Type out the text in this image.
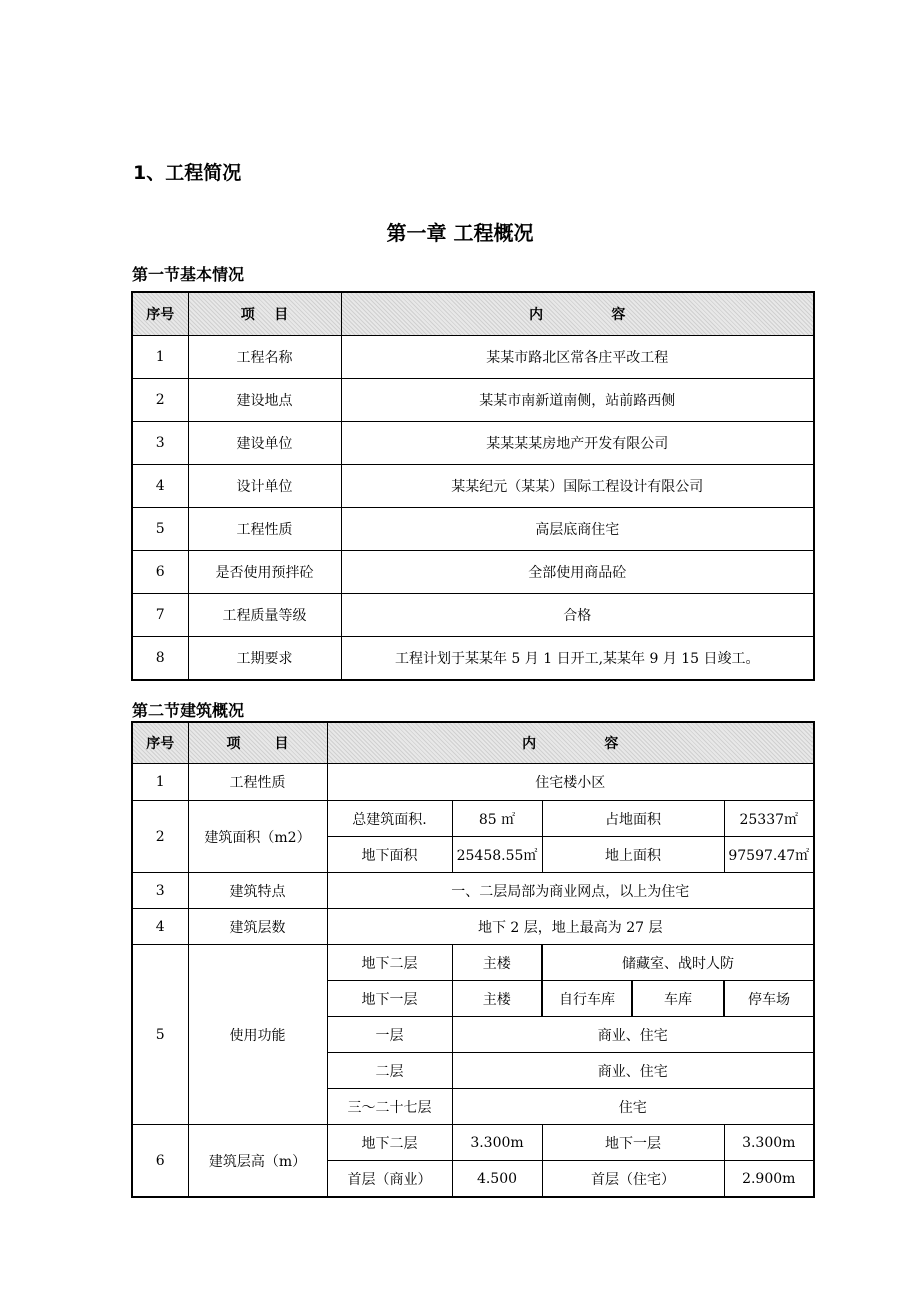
1、工程简况
第一章 工程概况
第一节基本情况
序号	项    目	内              容
1	工程名称	某某市路北区常各庄平改工程
2	建设地点	某某市南新道南侧，站前路西侧
3	建设单位	某某某某房地产开发有限公司
4	设计单位	某某纪元（某某）国际工程设计有限公司
5	工程性质	高层底商住宅
6	是否使用预拌砼	全部使用商品砼
7	工程质量等级	合格
8	工期要求	工程计划于某某年 5 月 1 日开工,某某年 9 月 15 日竣工。
第二节建筑概况
序号	项       目	内              容				
1	工程性质	住宅楼小区				
2	建筑面积（m2）	总建筑面积.	85 ㎡	占地面积		25337㎡
		地下面积	25458.55㎡	地上面积		97597.47㎡
3	建筑特点	一、二层局部为商业网点，以上为住宅				
4	建筑层数	地下 2 层，地上最高为 27 层				
5	使用功能	地下二层	主楼	储藏室、战时人防		
		地下一层	主楼	自行车库	车库	停车场
		一层	商业、住宅			
		二层	商业、住宅			
		三～二十七层	住宅			
6	建筑层高（m）	地下二层	3.300m	地下一层		3.300m
		首层（商业）	4.500	首层（住宅）		2.900m
